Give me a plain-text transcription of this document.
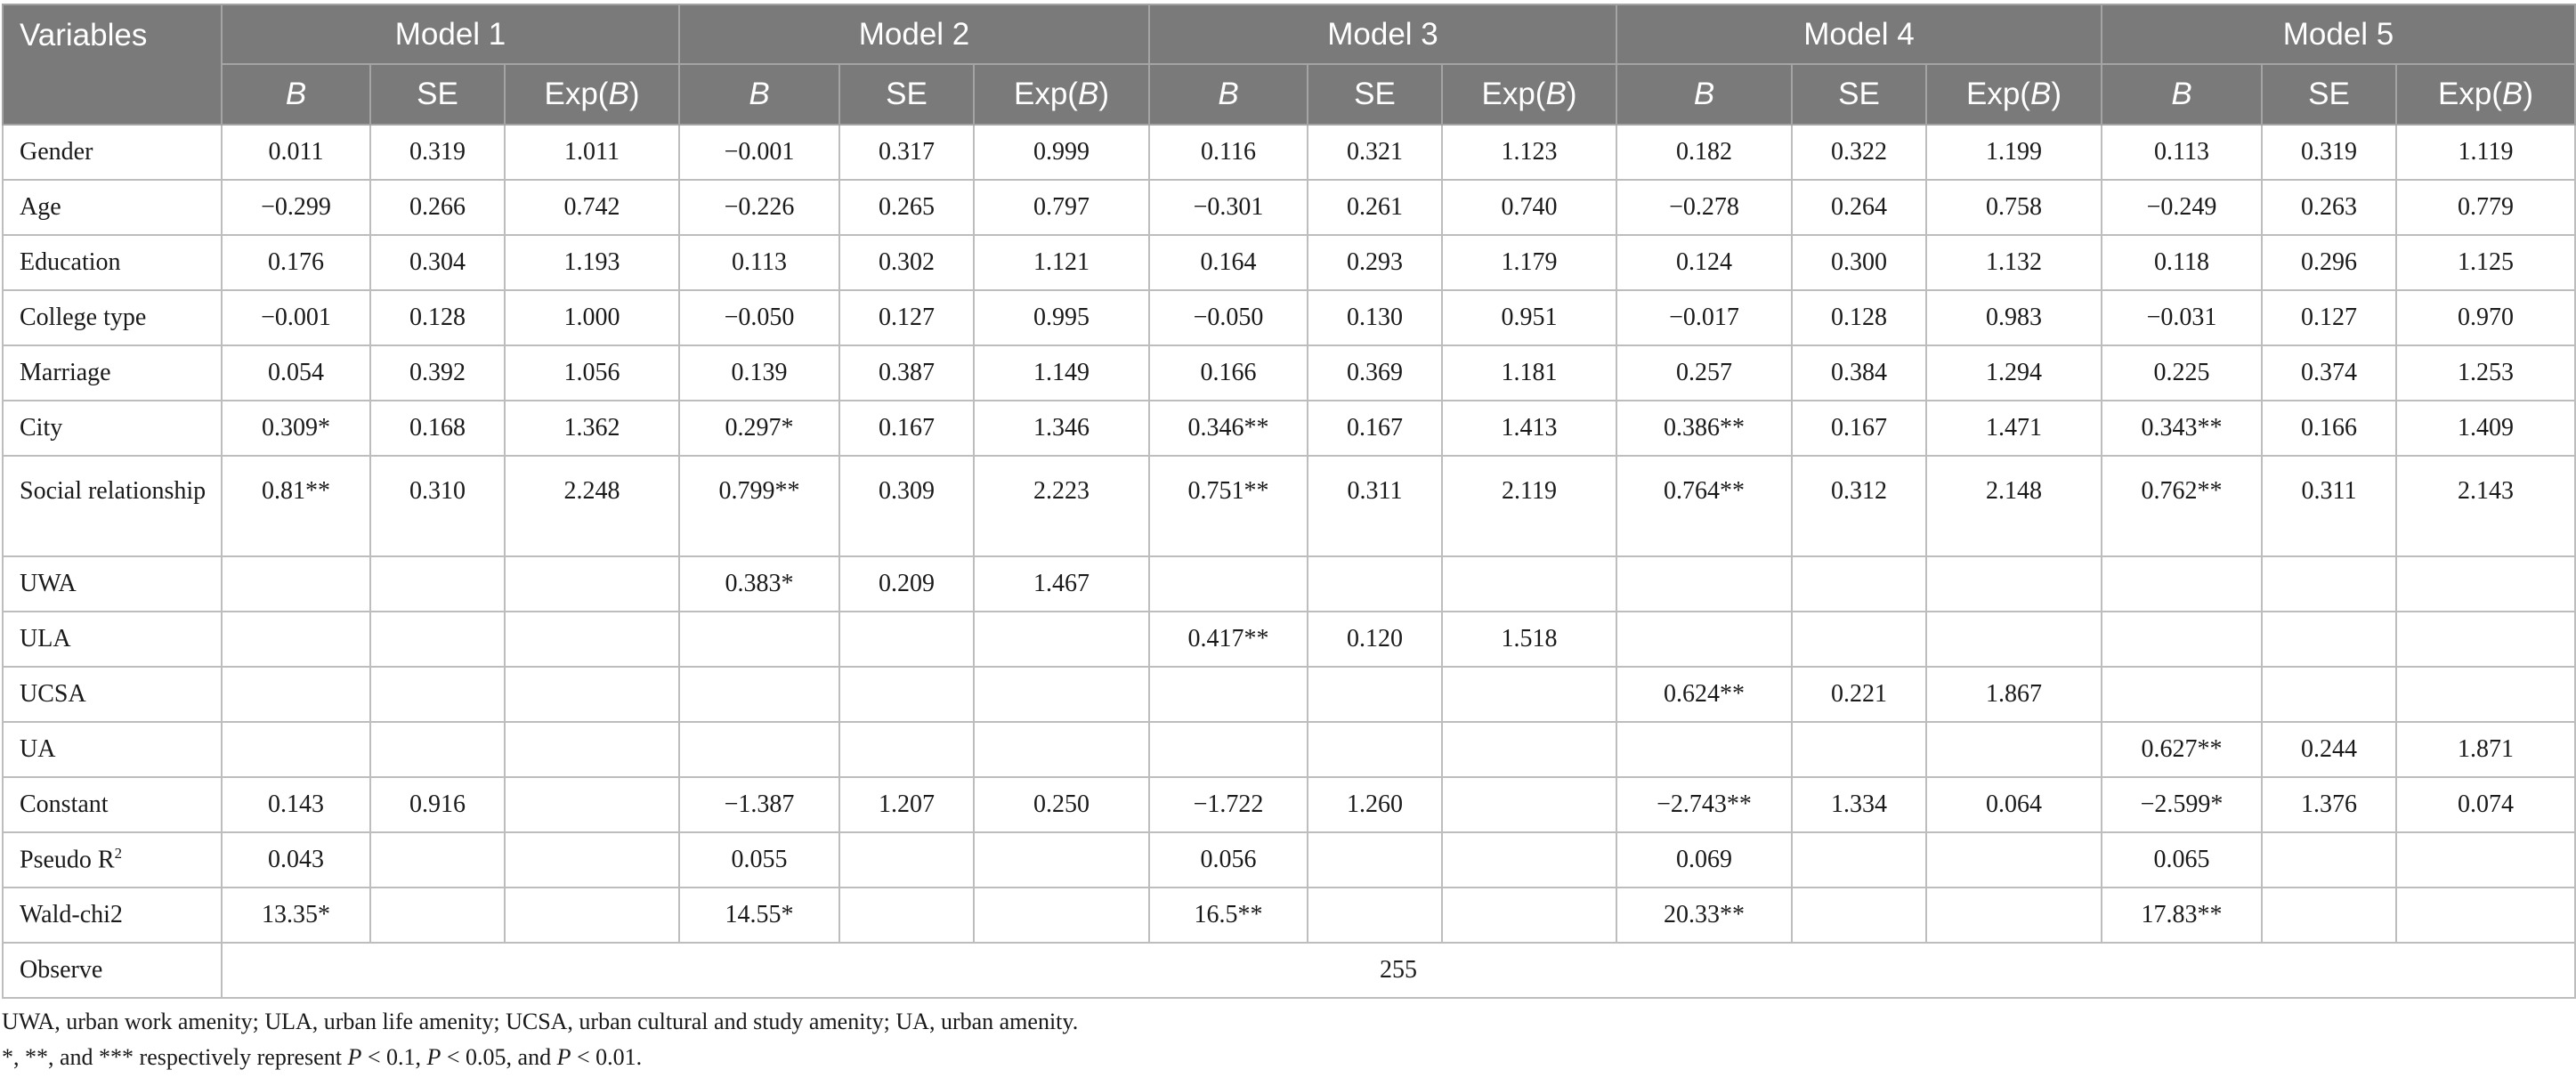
Variables	Model 1			Model 2			Model 3			Model 4			Model 5		
	B	SE	Exp(B)	B	SE	Exp(B)	B	SE	Exp(B)	B	SE	Exp(B)	B	SE	Exp(B)
Gender	0.011	0.319	1.011	−0.001	0.317	0.999	0.116	0.321	1.123	0.182	0.322	1.199	0.113	0.319	1.119
Age	−0.299	0.266	0.742	−0.226	0.265	0.797	−0.301	0.261	0.740	−0.278	0.264	0.758	−0.249	0.263	0.779
Education	0.176	0.304	1.193	0.113	0.302	1.121	0.164	0.293	1.179	0.124	0.300	1.132	0.118	0.296	1.125
College type	−0.001	0.128	1.000	−0.050	0.127	0.995	−0.050	0.130	0.951	−0.017	0.128	0.983	−0.031	0.127	0.970
Marriage	0.054	0.392	1.056	0.139	0.387	1.149	0.166	0.369	1.181	0.257	0.384	1.294	0.225	0.374	1.253
City	0.309*	0.168	1.362	0.297*	0.167	1.346	0.346**	0.167	1.413	0.386**	0.167	1.471	0.343**	0.166	1.409
Social relationship	0.81**	0.310	2.248	0.799**	0.309	2.223	0.751**	0.311	2.119	0.764**	0.312	2.148	0.762**	0.311	2.143
UWA				0.383*	0.209	1.467									
ULA							0.417**	0.120	1.518						
UCSA										0.624**	0.221	1.867			
UA													0.627**	0.244	1.871
Constant	0.143	0.916		−1.387	1.207	0.250	−1.722	1.260		−2.743**	1.334	0.064	−2.599*	1.376	0.074
Pseudo $R^2$	0.043			0.055			0.056			0.069			0.065		
Wald-chi2	13.35*			14.55*			16.5**			20.33**			17.83**		
Observe	255														
UWA, urban work amenity; ULA, urban life amenity; UCSA, urban cultural and study amenity; UA, urban amenity.
*, **, and *** respectively represent P < 0.1, P < 0.05, and P < 0.01.
